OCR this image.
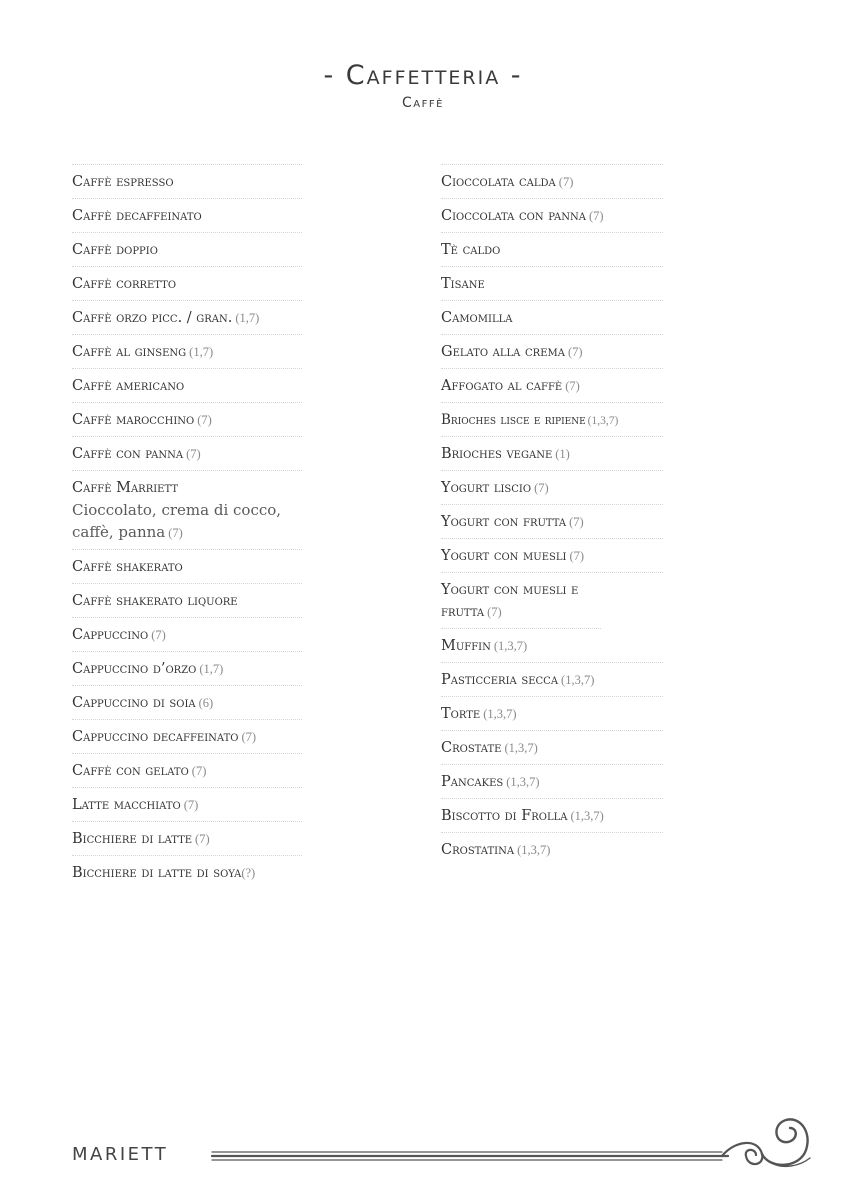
- Caffetteria -
Caffè
Caffè espresso
Caffè decaffeinato
Caffè doppio
Caffè corretto
Caffè orzo picc. / gran. (1,7)
Caffè al ginseng (1,7)
Caffè americano
Caffè marocchino (7)
Caffè con panna (7)
Caffè Marriett
Cioccolato, crema di cocco, caffè, panna (7)
Caffè shakerato
Caffè shakerato liquore
Cappuccino (7)
Cappuccino d’orzo (1,7)
Cappuccino di soia (6)
Cappuccino decaffeinato (7)
Caffè con gelato (7)
Latte macchiato (7)
Bicchiere di latte (7)
Bicchiere di latte di soya(?)
Cioccolata calda (7)
Cioccolata con panna (7)
Tè caldo
Tisane
Camomilla
Gelato alla crema (7)
Affogato al caffè (7)
Brioches lisce e ripiene (1,3,7)
Brioches vegane (1)
Yogurt liscio (7)
Yogurt con frutta (7)
Yogurt con muesli (7)
Yogurt con muesli e frutta (7)
Muffin (1,3,7)
Pasticceria secca (1,3,7)
Torte (1,3,7)
Crostate (1,3,7)
Pancakes (1,3,7)
Biscotto di Frolla (1,3,7)
Crostatina (1,3,7)
MARIETT
